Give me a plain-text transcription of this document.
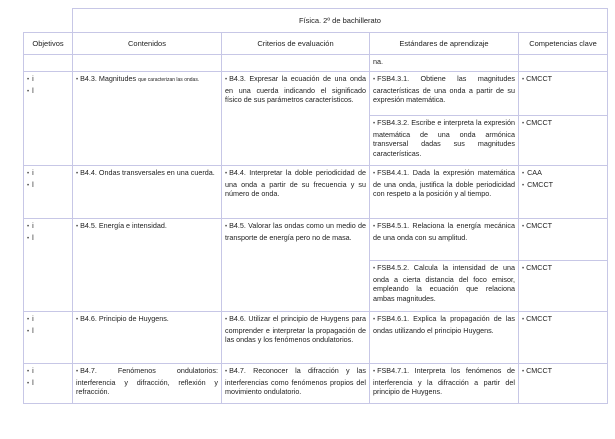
	Física. 2º de bachillerato			
Objetivos	Contenidos	Criterios de evaluación	Estándares de aprendizaje	Competencias clave
			na.	

• i
• l	• B4.3. Magnitudes que caracterizan las ondas.	• B4.3. Expresar la ecuación de una onda en una cuerda indicando el significado físico de sus parámetros característicos.	• FSB4.3.1. Obtiene las magnitudes características de una onda a partir de su expresión matemática.	• CMCCT
			• FSB4.3.2. Escribe e interpreta la expresión matemática de una onda armónica transversal dadas sus magnitudes características.	• CMCCT

• i
• l	• B4.4. Ondas transversales en una cuerda.	• B4.4. Interpretar la doble periodicidad de una onda a partir de su frecuencia y su número de onda.	• FSB4.4.1. Dada la expresión matemática de una onda, justifica la doble periodicidad con respeto a la posición y al tiempo.	• CAA
• CMCCT

• i
• l	• B4.5. Energía e intensidad.	• B4.5. Valorar las ondas como un medio de transporte de energía pero no de masa.	• FSB4.5.1. Relaciona la energía mecánica de una onda con su amplitud.	• CMCCT
			• FSB4.5.2. Calcula la intensidad de una onda a cierta distancia del foco emisor, empleando la ecuación que relaciona ambas magnitudes.	• CMCCT

• i
• l	• B4.6. Principio de Huygens.	• B4.6. Utilizar el principio de Huygens para comprender e interpretar la propagación de las ondas y los fenómenos ondulatorios.	• FSB4.6.1. Explica la propagación de las ondas utilizando el principio Huygens.	• CMCCT

• i
• l	• B4.7. Fenómenos ondulatorios: interferencia y difracción, reflexión y refracción.	• B4.7. Reconocer la difracción y las interferencias como fenómenos propios del movimiento ondulatorio.	• FSB4.7.1. Interpreta los fenómenos de interferencia y la difracción a partir del principio de Huygens.	• CMCCT
